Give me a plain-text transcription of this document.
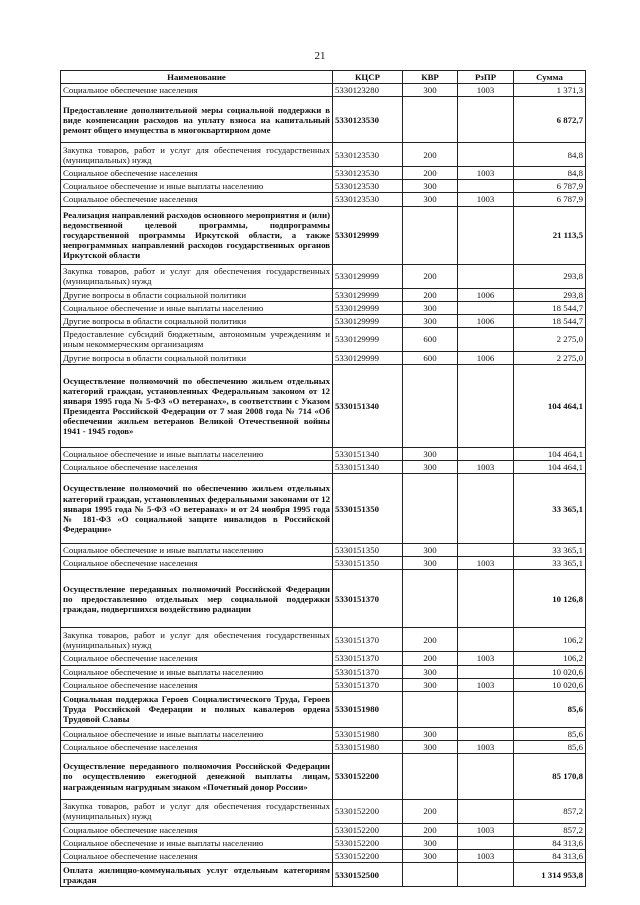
21
Наименование	КЦСР	КВР	РзПР	Сумма
Социальное обеспечение населения	5330123280	300	1003	1 371,3
Предоставление дополнительной меры социальной поддержки в виде компенсации расходов на уплату взноса на капитальный ремонт общего имущества в многоквартирном доме	5330123530			6 872,7
Закупка товаров, работ и услуг для обеспечения государственных (муниципальных) нужд	5330123530	200		84,8
Социальное обеспечение населения	5330123530	200	1003	84,8
Социальное обеспечение и иные выплаты населению	5330123530	300		6 787,9
Социальное обеспечение населения	5330123530	300	1003	6 787,9
Реализация направлений расходов основного мероприятия и (или) ведомственной целевой программы, подпрограммы государственной программы Иркутской области, а также непрограммных направлений расходов государственных органов Иркутской области	5330129999			21 113,5
Закупка товаров, работ и услуг для обеспечения государственных (муниципальных) нужд	5330129999	200		293,8
Другие вопросы в области социальной политики	5330129999	200	1006	293,8
Социальное обеспечение и иные выплаты населению	5330129999	300		18 544,7
Другие вопросы в области социальной политики	5330129999	300	1006	18 544,7
Предоставление субсидий бюджетным, автономным учреждениям и иным некоммерческим организациям	5330129999	600		2 275,0
Другие вопросы в области социальной политики	5330129999	600	1006	2 275,0
Осуществление полномочий по обеспечению жильем отдельных категорий граждан, установленных Федеральным законом от 12 января 1995 года № 5-ФЗ «О ветеранах», в соответствии с Указом Президента Российской Федерации от 7 мая 2008 года № 714 «Об обеспечении жильем ветеранов Великой Отечественной войны 1941 - 1945 годов»	5330151340			104 464,1
Социальное обеспечение и иные выплаты населению	5330151340	300		104 464,1
Социальное обеспечение населения	5330151340	300	1003	104 464,1
Осуществление полномочий по обеспечению жильем отдельных категорий граждан, установленных федеральными законами от 12 января 1995 года № 5-ФЗ «О ветеранах» и от 24 ноября 1995 года № 181-ФЗ «О социальной защите инвалидов в Российской Федерации»	5330151350			33 365,1
Социальное обеспечение и иные выплаты населению	5330151350	300		33 365,1
Социальное обеспечение населения	5330151350	300	1003	33 365,1
Осуществление переданных полномочий Российской Федерации по предоставлению отдельных мер социальной поддержки граждан, подвергшихся воздействию радиации	5330151370			10 126,8
Закупка товаров, работ и услуг для обеспечения государственных (муниципальных) нужд	5330151370	200		106,2
Социальное обеспечение населения	5330151370	200	1003	106,2
Социальное обеспечение и иные выплаты населению	5330151370	300		10 020,6
Социальное обеспечение населения	5330151370	300	1003	10 020,6
Социальная поддержка Героев Социалистического Труда, Героев Труда Российской Федерации и полных кавалеров ордена Трудовой Славы	5330151980			85,6
Социальное обеспечение и иные выплаты населению	5330151980	300		85,6
Социальное обеспечение населения	5330151980	300	1003	85,6
Осуществление переданного полномочия Российской Федерации по осуществлению ежегодной денежной выплаты лицам, награжденным нагрудным знаком «Почетный донор России»	5330152200			85 170,8
Закупка товаров, работ и услуг для обеспечения государственных (муниципальных) нужд	5330152200	200		857,2
Социальное обеспечение населения	5330152200	200	1003	857,2
Социальное обеспечение и иные выплаты населению	5330152200	300		84 313,6
Социальное обеспечение населения	5330152200	300	1003	84 313,6
Оплата жилищно-коммунальных услуг отдельным категориям граждан	5330152500			1 314 953,8
